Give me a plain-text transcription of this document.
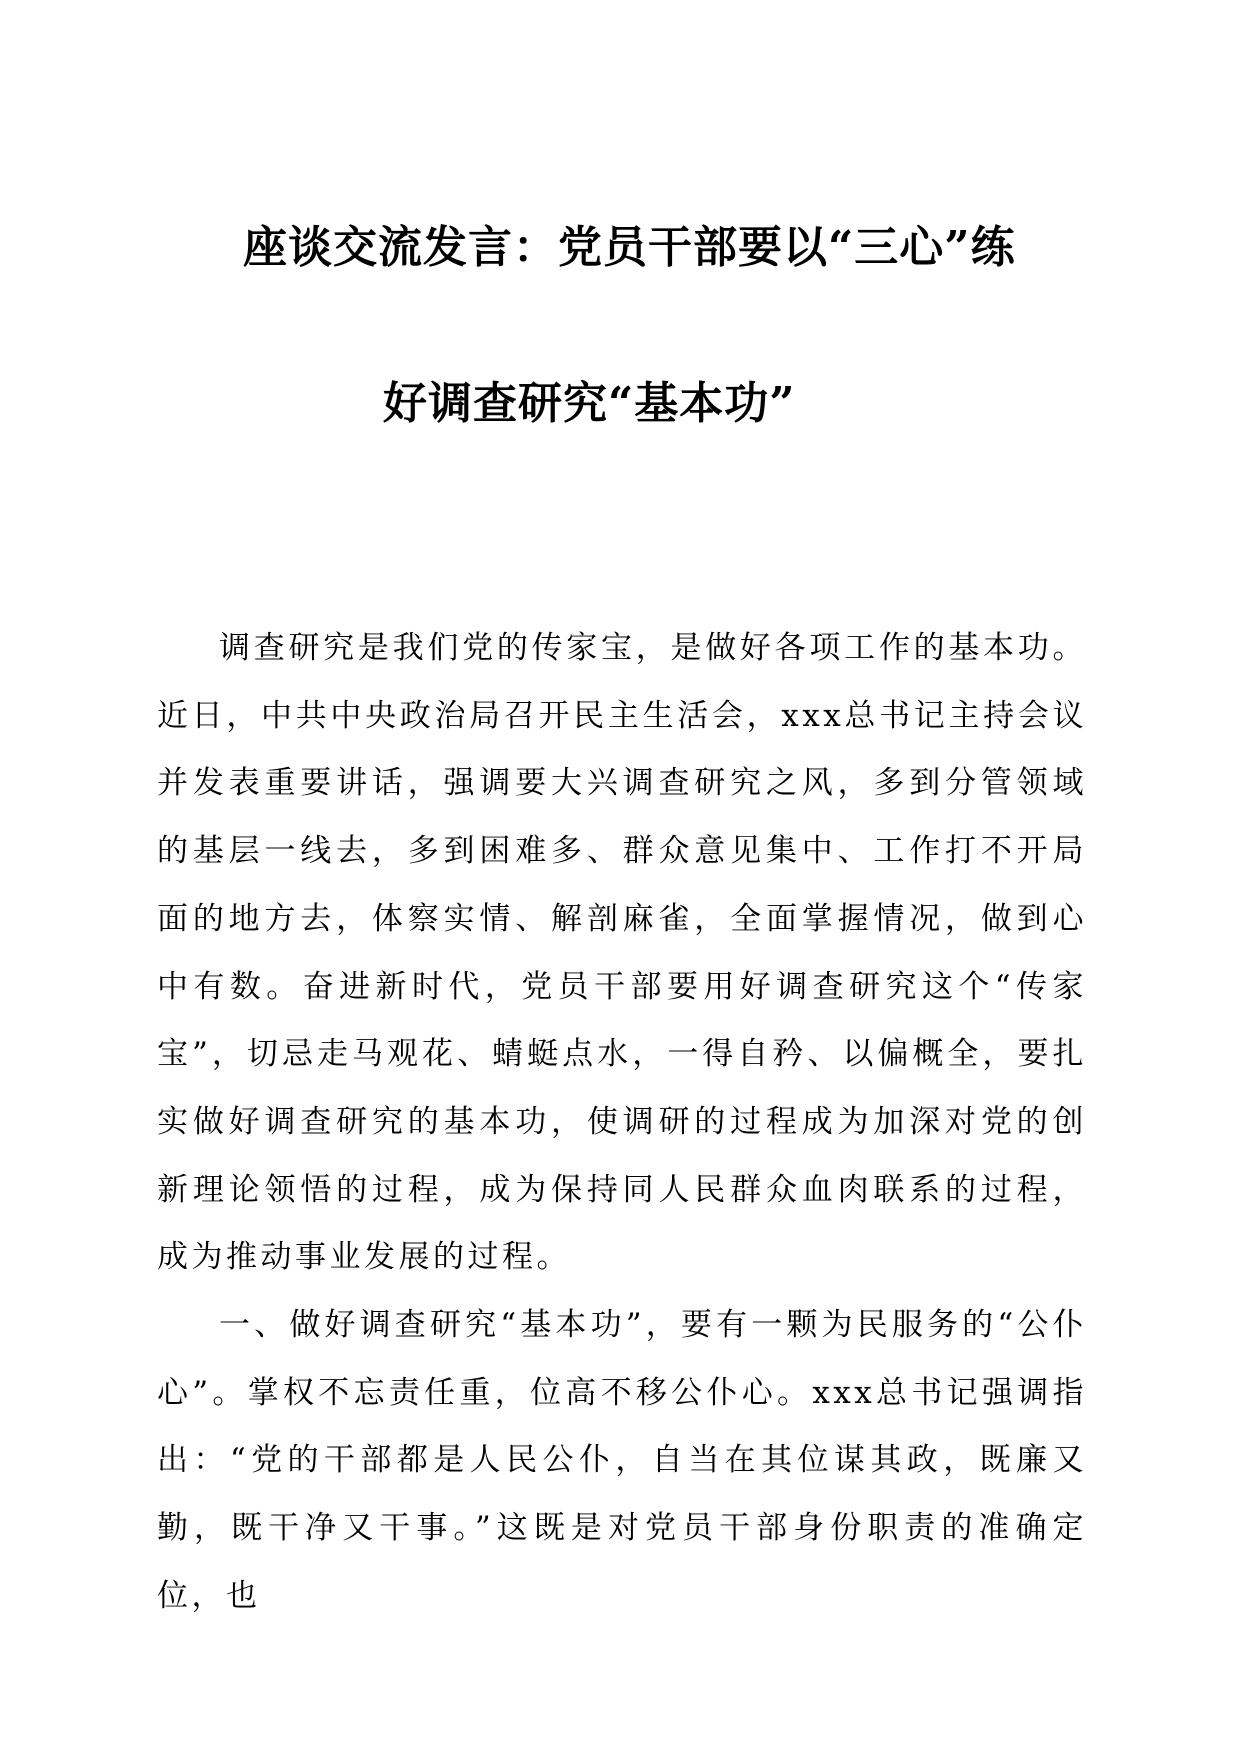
座谈交流发言：党员干部要以“三心”练
好调查研究“基本功”

调查研究是我们党的传家宝，是做好各项工作的基本功。近日，中共中央政治局召开民主生活会，xxx总书记主持会议并发表重要讲话，强调要大兴调查研究之风，多到分管领域的基层一线去，多到困难多、群众意见集中、工作打不开局面的地方去，体察实情、解剖麻雀，全面掌握情况，做到心中有数。奋进新时代，党员干部要用好调查研究这个“传家宝”，切忌走马观花、蜻蜓点水，一得自矜、以偏概全，要扎实做好调查研究的基本功，使调研的过程成为加深对党的创新理论领悟的过程，成为保持同人民群众血肉联系的过程，成为推动事业发展的过程。

一、做好调查研究“基本功”，要有一颗为民服务的“公仆心”。掌权不忘责任重，位高不移公仆心。xxx总书记强调指出：“党的干部都是人民公仆，自当在其位谋其政，既廉又勤，既干净又干事。”这既是对党员干部身份职责的准确定位，也
